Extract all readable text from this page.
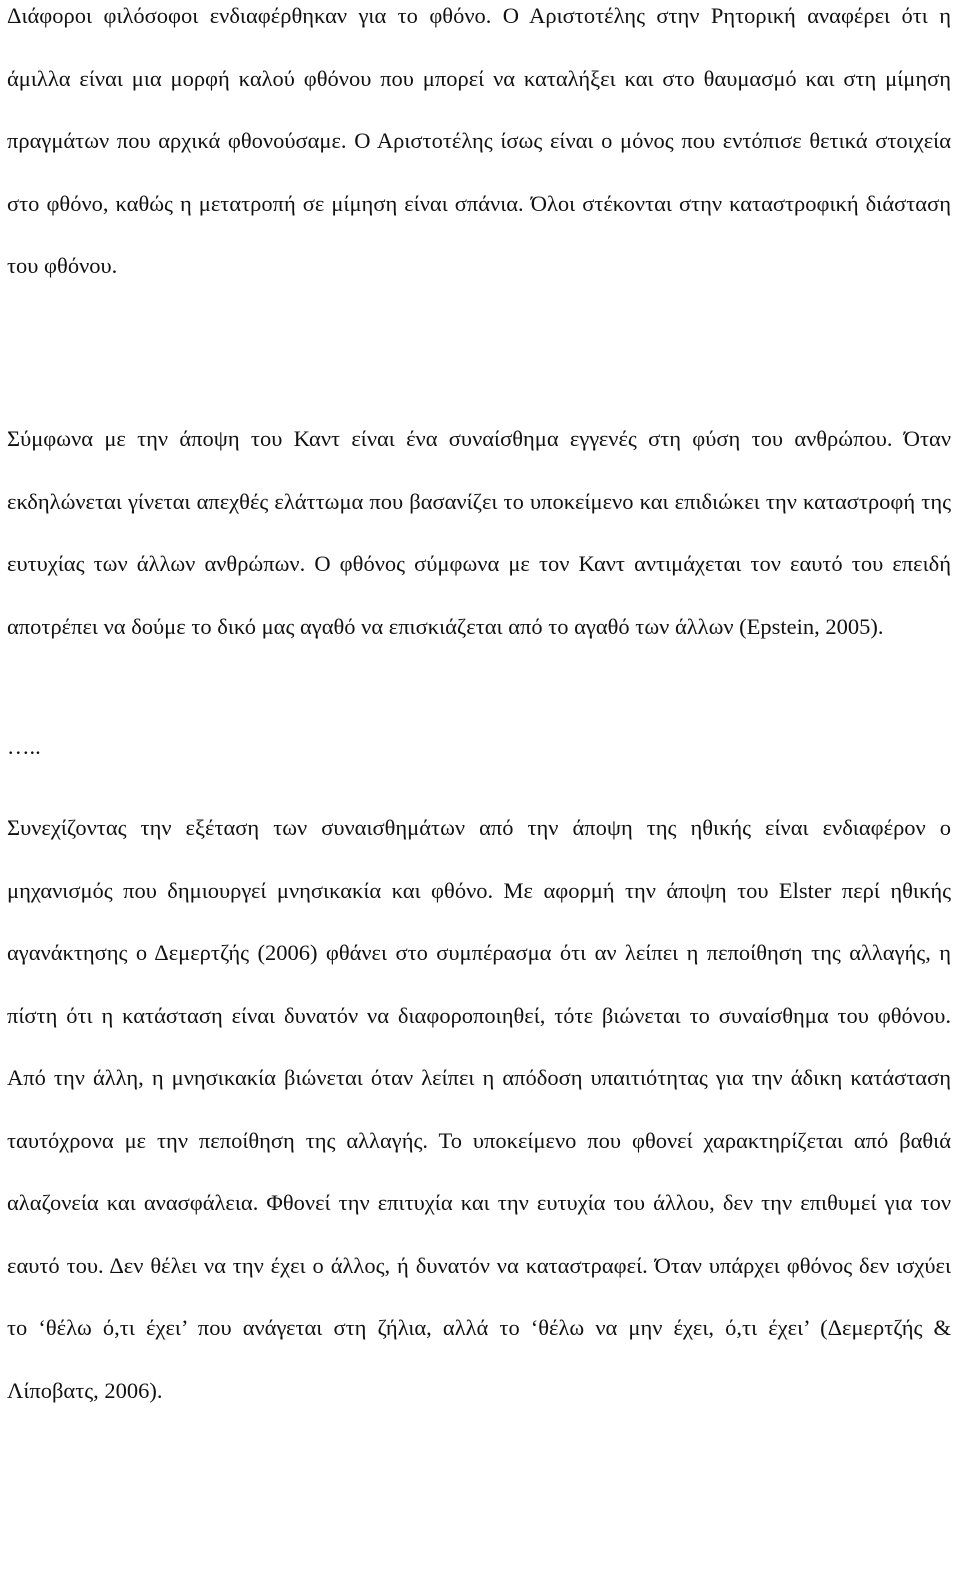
Διάφοροι φιλόσοφοι ενδιαφέρθηκαν για το φθόνο. Ο Αριστοτέλης στην Ρητορική αναφέρει ότι η άμιλλα είναι μια μορφή καλού φθόνου που μπορεί να καταλήξει και στο θαυμασμό και στη μίμηση πραγμάτων που αρχικά φθονούσαμε. Ο Αριστοτέλης ίσως είναι ο μόνος που εντόπισε θετικά στοιχεία στο φθόνο, καθώς η μετατροπή σε μίμηση είναι σπάνια. Όλοι στέκονται στην καταστροφική διάσταση του φθόνου.

Σύμφωνα με την άποψη του Καντ είναι ένα συναίσθημα εγγενές στη φύση του ανθρώπου. Όταν εκδηλώνεται γίνεται απεχθές ελάττωμα που βασανίζει το υποκείμενο και επιδιώκει την καταστροφή της ευτυχίας των άλλων ανθρώπων. Ο φθόνος σύμφωνα με τον Καντ αντιμάχεται τον εαυτό του επειδή αποτρέπει να δούμε το δικό μας αγαθό να επισκιάζεται από το αγαθό των άλλων (Epstein, 2005).

…..

Συνεχίζοντας την εξέταση των συναισθημάτων από την άποψη της ηθικής είναι ενδιαφέρον ο μηχανισμός που δημιουργεί μνησικακία και φθόνο. Με αφορμή την άποψη του Elster περί ηθικής αγανάκτησης ο Δεμερτζής (2006) φθάνει στο συμπέρασμα ότι αν λείπει η πεποίθηση της αλλαγής, η πίστη ότι η κατάσταση είναι δυνατόν να διαφοροποιηθεί, τότε βιώνεται το συναίσθημα του φθόνου. Από την άλλη, η μνησικακία βιώνεται όταν λείπει η απόδοση υπαιτιότητας για την άδικη κατάσταση ταυτόχρονα με την πεποίθηση της αλλαγής. Το υποκείμενο που φθονεί χαρακτηρίζεται από βαθιά αλαζονεία και ανασφάλεια. Φθονεί την επιτυχία και την ευτυχία του άλλου, δεν την επιθυμεί για τον εαυτό του. Δεν θέλει να την έχει ο άλλος, ή δυνατόν να καταστραφεί. Όταν υπάρχει φθόνος δεν ισχύει το ‘θέλω ό,τι έχει’ που ανάγεται στη ζήλια, αλλά το ‘θέλω να μην έχει, ό,τι έχει’ (Δεμερτζής & Λίποβατς, 2006).
